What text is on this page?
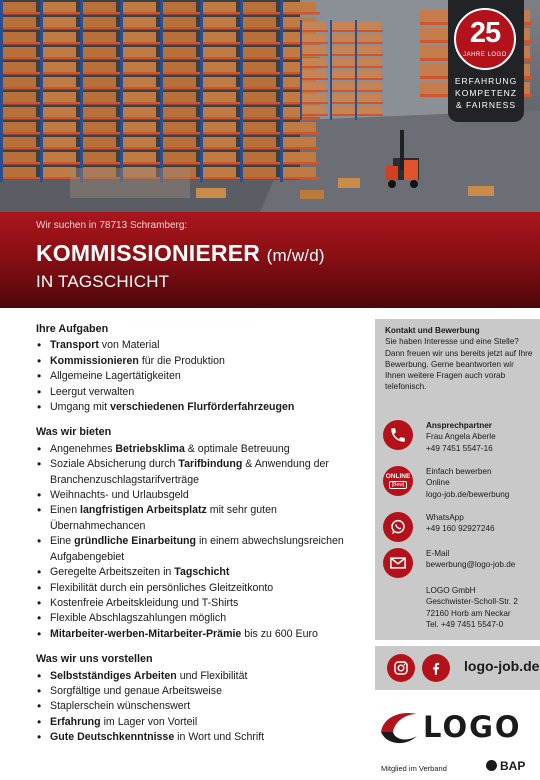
25
JAHRE LOGO
ERFAHRUNG
KOMPETENZ
& FAIRNESS
Wir suchen in 78713 Schramberg:
KOMMISSIONIERER (m/w/d)
IN TAGSCHICHT
Ihre Aufgaben
• Transport von Material
• Kommissionieren für die Produktion
• Allgemeine Lagertätigkeiten
• Leergut verwalten
• Umgang mit verschiedenen Flurförderfahrzeugen
Was wir bieten
• Angenehmes Betriebsklima & optimale Betreuung
• Soziale Absicherung durch Tarifbindung & Anwendung der Branchenzuschlagstarifverträge
• Weihnachts- und Urlaubsgeld
• Einen langfristigen Arbeitsplatz mit sehr guten Übernahmechancen
• Eine gründliche Einarbeitung in einem abwechslungsreichen Aufgabengebiet
• Geregelte Arbeitszeiten in Tagschicht
• Flexibilität durch ein persönliches Gleitzeitkonto
• Kostenfreie Arbeitskleidung und T-Shirts
• Flexible Abschlagszahlungen möglich
• Mitarbeiter-werben-Mitarbeiter-Prämie bis zu 600 Euro
Was wir uns vorstellen
• Selbstständiges Arbeiten und Flexibilität
• Sorgfältige und genaue Arbeitsweise
• Staplerschein wünschenswert
• Erfahrung im Lager von Vorteil
• Gute Deutschkenntnisse in Wort und Schrift
Kontakt und Bewerbung
Sie haben Interesse und eine Stelle? Dann freuen wir uns bereits jetzt auf Ihre Bewerbung. Gerne beantworten wir Ihnen weitere Fragen auch vorab telefonisch.
Ansprechpartner
Frau Angela Aberle
+49 7451 5547-16
ONLINE
[Bew]
Einfach bewerben
Online
logo-job.de/bewerbung
WhatsApp
+49 160 92927246
E-Mail
bewerbung@logo-job.de
LOGO GmbH
Geschwister-Scholl-Str. 2
72160 Horb am Neckar
Tel. +49 7451 5547-0
logo-job.de
LOGO
Mitglied im Verband	BAP
